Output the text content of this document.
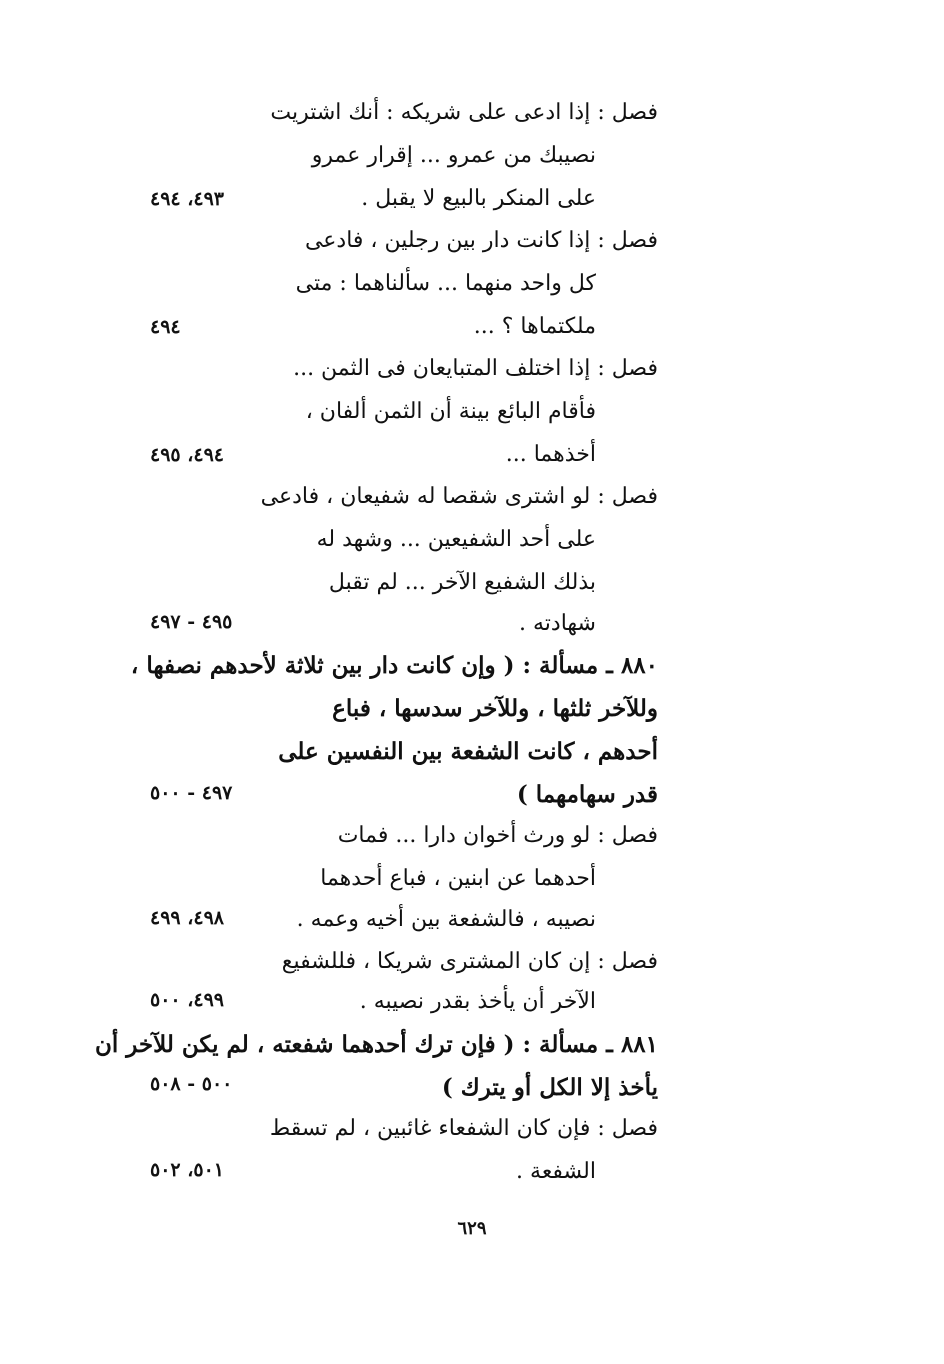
فصل : إذا ادعى على شريكه : أنك اشتريت
نصيبك من عمرو ... إقرار عمرو
على المنكر بالبيع لا يقبل .
٤٩٣، ٤٩٤
فصل : إذا كانت دار بين رجلين ، فادعى
كل واحد منهما ... سألناهما : متى
ملكتماها ؟ ...
٤٩٤
فصل : إذا اختلف المتبايعان فى الثمن ...
فأقام البائع بينة أن الثمن ألفان ،
أخذهما ...
٤٩٤، ٤٩٥
فصل : لو اشترى شقصا له شفيعان ، فادعى
على أحد الشفيعين ... وشهد له
بذلك الشفيع الآخر ... لم تقبل
شهادته .
٤٩٥ - ٤٩٧
٨٨٠ ـ مسألة : ( وإن كانت دار بين ثلاثة لأحدهم نصفها ،
وللآخر ثلثها ، وللآخر سدسها ، فباع
أحدهم ، كانت الشفعة بين النفسين على
قدر سهامهما )
٤٩٧ - ٥٠٠
فصل : لو ورث أخوان دارا ... فمات
أحدهما عن ابنين ، فباع أحدهما
نصيبه ، فالشفعة بين أخيه وعمه .
٤٩٨، ٤٩٩
فصل : إن كان المشترى شريكا ، فللشفيع
الآخر أن يأخذ بقدر نصيبه .
٤٩٩، ٥٠٠
٨٨١ ـ مسألة : ( فإن ترك أحدهما شفعته ، لم يكن للآخر أن
يأخذ إلا الكل أو يترك )
٥٠٠ - ٥٠٨
فصل : فإن كان الشفعاء غائبين ، لم تسقط
الشفعة .
٥٠١، ٥٠٢
٦٢٩
